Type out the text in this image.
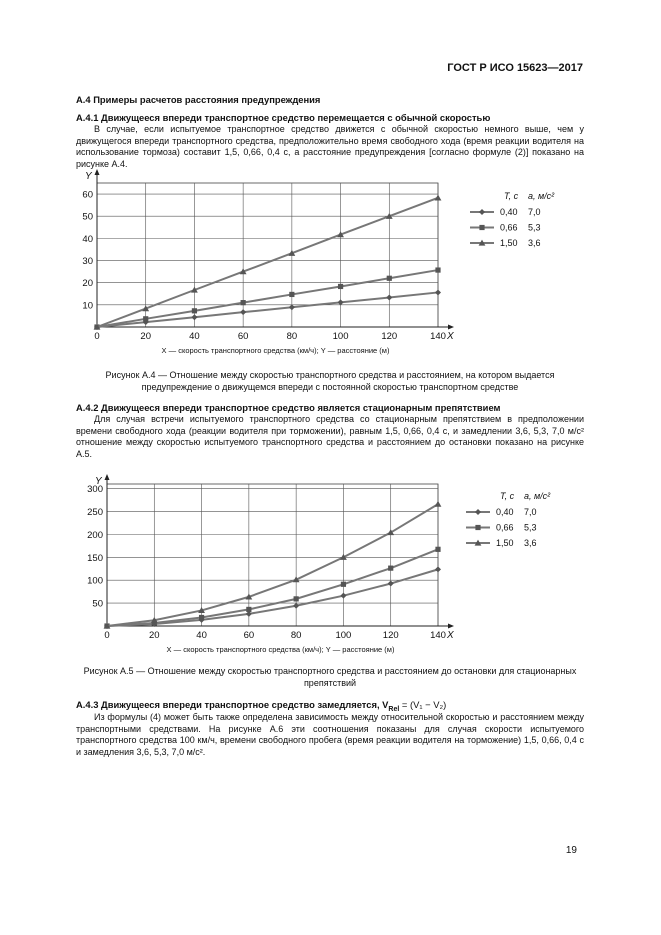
ГОСТ Р ИСО 15623—2017
А.4 Примеры расчетов расстояния предупреждения
А.4.1 Движущееся впереди транспортное средство перемещается с обычной скоростью

В случае, если испытуемое транспортное средство движется с обычной скоростью немного выше, чем у движущегося впереди транспортного средства, предположительно время свободного хода (время реакции водителя на использование тормоза) составит 1,5, 0,66, 0,4 с, а расстояние предупреждения [согласно формуле (2)] показано на рисунке А.4.

10
20
30
40
50
60
0	20	40	60	80	100	120	140
Y
X
X — скорость транспортного средства (км/ч); Y — расстояние (м)
T, с a, м/с²
0,40 7,0
0,66 5,3
1,50 3,6
Рисунок А.4 — Отношение между скоростью транспортного средства и расстоянием, на котором выдается предупреждение о движущемся впереди с постоянной скоростью транспортном средстве
А.4.2 Движущееся впереди транспортное средство является стационарным препятствием

Для случая встречи испытуемого транспортного средства со стационарным препятствием в предположении времени свободного хода (реакции водителя при торможении), равным 1,5, 0,66, 0,4 с, и замедлении 3,6, 5,3, 7,0 м/с² отношение между скоростью испытуемого транспортного средства и расстоянием до остановки показано на рисунке А.5.

50
100
150
200
250
300
0	20	40	60	80	100	120	140
Y
X
X — скорость транспортного средства (км/ч); Y — расстояние (м)
T, с a, м/с²
0,40 7,0
0,66 5,3
1,50 3,6
Рисунок А.5 — Отношение между скоростью транспортного средства и расстоянием до остановки для стационарных препятствий
А.4.3 Движущееся впереди транспортное средство замедляется, $V_{Rel} = (V_1 - V_2)$

Из формулы (4) может быть также определена зависимость между относительной скоростью и расстоянием между транспортными средствами. На рисунке А.6 эти соотношения показаны для случая скорости испытуемого транспортного средства 100 км/ч, времени свободного пробега (время реакции водителя на торможение) 1,5, 0,66, 0,4 с и замедления 3,6, 5,3, 7,0 м/с².

19
